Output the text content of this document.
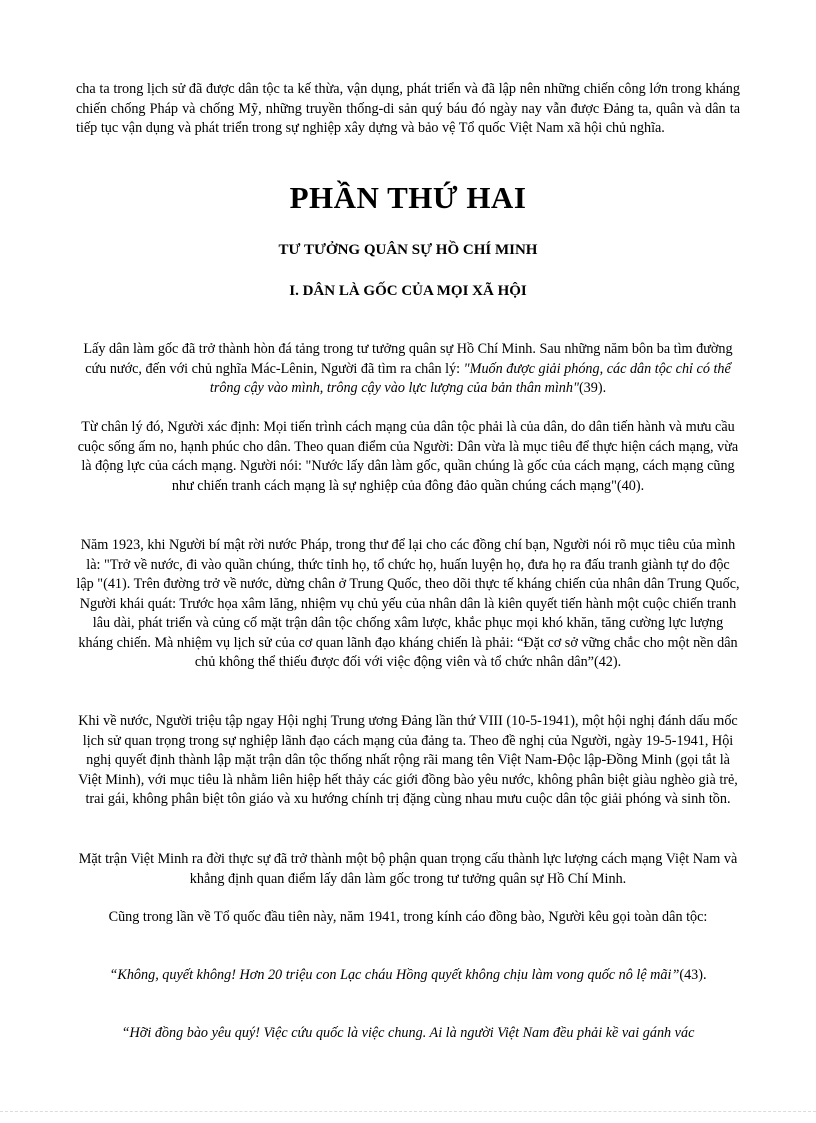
cha ta trong lịch sử đã được dân tộc ta kế thừa, vận dụng, phát triển và đã lập nên những chiến công lớn trong kháng chiến chống Pháp và chống Mỹ, những truyền thống-di sản quý báu đó ngày nay vẫn được Đảng ta, quân và dân ta tiếp tục vận dụng và phát triển trong sự nghiệp xây dựng và bảo vệ Tổ quốc Việt Nam xã hội chủ nghĩa.
PHẦN THỨ HAI
TƯ TƯỞNG QUÂN SỰ HỒ CHÍ MINH
I. DÂN LÀ GỐC CỦA MỌI XÃ HỘI
Lấy dân làm gốc đã trở thành hòn đá tảng trong tư tưởng quân sự Hồ Chí Minh. Sau những năm bôn ba tìm đường cứu nước, đến với chủ nghĩa Mác-Lênin, Người đã tìm ra chân lý: "Muốn được giải phóng, các dân tộc chỉ có thể trông cậy vào mình, trông cậy vào lực lượng của bản thân mình"(39).
Từ chân lý đó, Người xác định: Mọi tiến trình cách mạng của dân tộc phải là của dân, do dân tiến hành và mưu cầu cuộc sống ấm no, hạnh phúc cho dân. Theo quan điểm của Người: Dân vừa là mục tiêu để thực hiện cách mạng, vừa là động lực của cách mạng. Người nói: "Nước lấy dân làm gốc, quần chúng là gốc của cách mạng, cách mạng cũng như chiến tranh cách mạng là sự nghiệp của đông đảo quần chúng cách mạng"(40).
Năm 1923, khi Người bí mật rời nước Pháp, trong thư để lại cho các đồng chí bạn, Người nói rõ mục tiêu của mình là: "Trở về nước, đi vào quần chúng, thức tỉnh họ, tổ chức họ, huấn luyện họ, đưa họ ra đấu tranh giành tự do độc lập "(41). Trên đường trở về nước, dừng chân ở Trung Quốc, theo dõi thực tế kháng chiến của nhân dân Trung Quốc, Người khái quát: Trước họa xâm lăng, nhiệm vụ chủ yếu của nhân dân là kiên quyết tiến hành một cuộc chiến tranh lâu dài, phát triển và củng cố mặt trận dân tộc chống xâm lược, khắc phục mọi khó khăn, tăng cường lực lượng kháng chiến. Mà nhiệm vụ lịch sử của cơ quan lãnh đạo kháng chiến là phải: “Đặt cơ sở vững chắc cho một nền dân chủ không thể thiếu được đối với việc động viên và tổ chức nhân dân”(42).
Khi về nước, Người triệu tập ngay Hội nghị Trung ương Đảng lần thứ VIII (10-5-1941), một hội nghị đánh dấu mốc lịch sử quan trọng trong sự nghiệp lãnh đạo cách mạng của đảng ta. Theo đề nghị của Người, ngày 19-5-1941, Hội nghị quyết định thành lập mặt trận dân tộc thống nhất rộng rãi mang tên Việt Nam-Độc lập-Đồng Minh (gọi tắt là Việt Minh), với mục tiêu là nhằm liên hiệp hết thảy các giới đồng bào yêu nước, không phân biệt giàu nghèo già trẻ, trai gái, không phân biệt tôn giáo và xu hướng chính trị đặng cùng nhau mưu cuộc dân tộc giải phóng và sinh tồn.
Mặt trận Việt Minh ra đời thực sự đã trở thành một bộ phận quan trọng cấu thành lực lượng cách mạng Việt Nam và khẳng định quan điểm lấy dân làm gốc trong tư tưởng quân sự Hồ Chí Minh.
Cũng trong lần về Tổ quốc đầu tiên này, năm 1941, trong kính cáo đồng bào, Người kêu gọi toàn dân tộc:
“Không, quyết không! Hơn 20 triệu con Lạc cháu Hồng quyết không chịu làm vong quốc nô lệ mãi”(43).
“Hỡi đồng bào yêu quý! Việc cứu quốc là việc chung. Ai là người Việt Nam đều phải kề vai gánh vác
